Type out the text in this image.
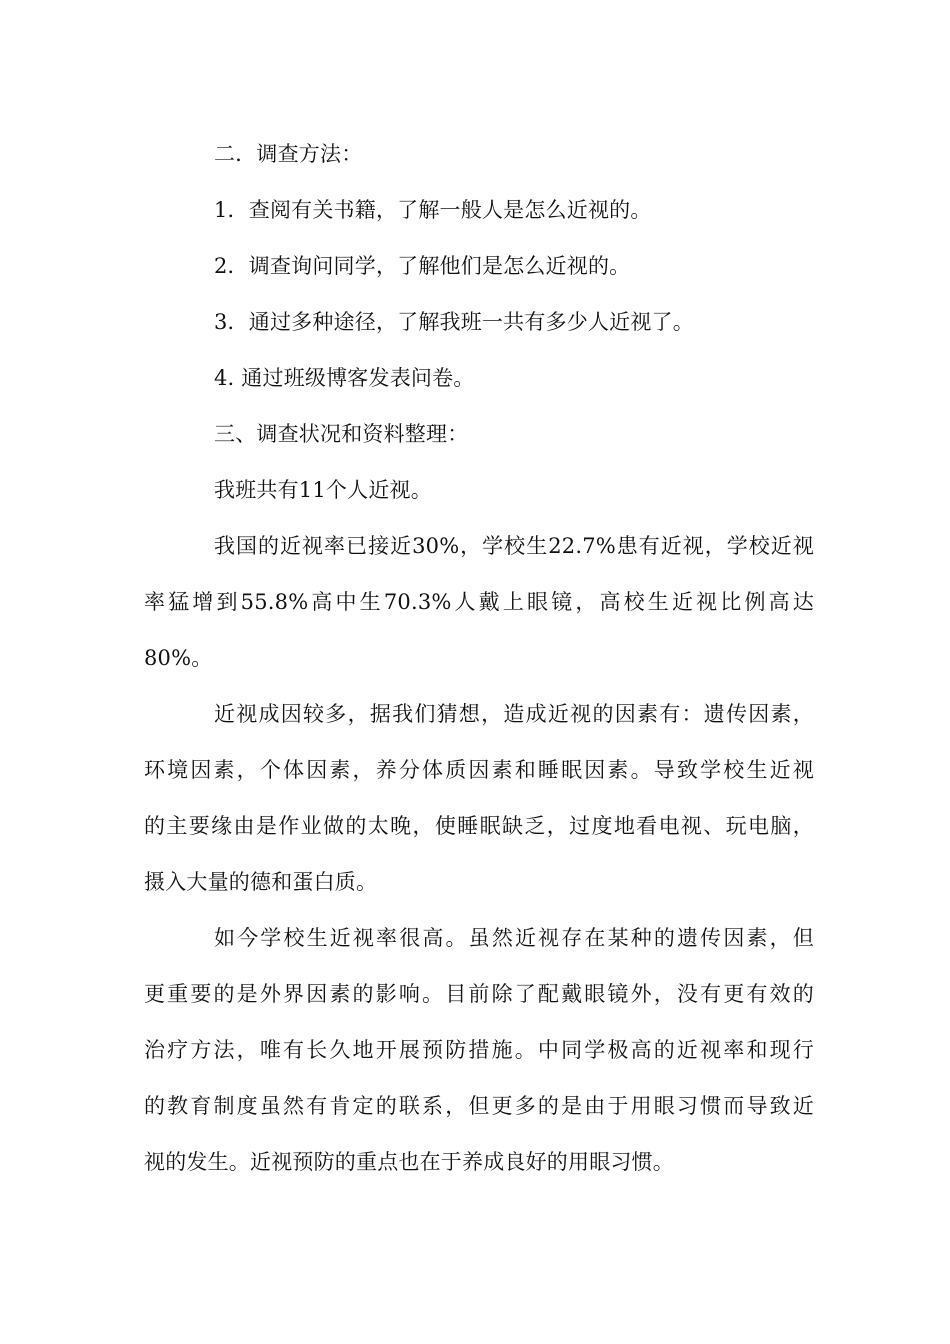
二．调查方法：
1．查阅有关书籍，了解一般人是怎么近视的。
2．调查询问同学，了解他们是怎么近视的。
3．通过多种途径，了解我班一共有多少人近视了。
4. 通过班级博客发表问卷。
三、调查状况和资料整理：
我班共有11个人近视。
我国的近视率已接近30%，学校生22.7%患有近视，学校近视
率猛增到55.8%高中生70.3%人戴上眼镜，高校生近视比例高达
80%。
近视成因较多，据我们猜想，造成近视的因素有：遗传因素，
环境因素，个体因素，养分体质因素和睡眠因素。导致学校生近视
的主要缘由是作业做的太晚，使睡眠缺乏，过度地看电视、玩电脑，
摄入大量的德和蛋白质。
如今学校生近视率很高。虽然近视存在某种的遗传因素，但
更重要的是外界因素的影响。目前除了配戴眼镜外，没有更有效的
治疗方法，唯有长久地开展预防措施。中同学极高的近视率和现行
的教育制度虽然有肯定的联系，但更多的是由于用眼习惯而导致近
视的发生。近视预防的重点也在于养成良好的用眼习惯。
